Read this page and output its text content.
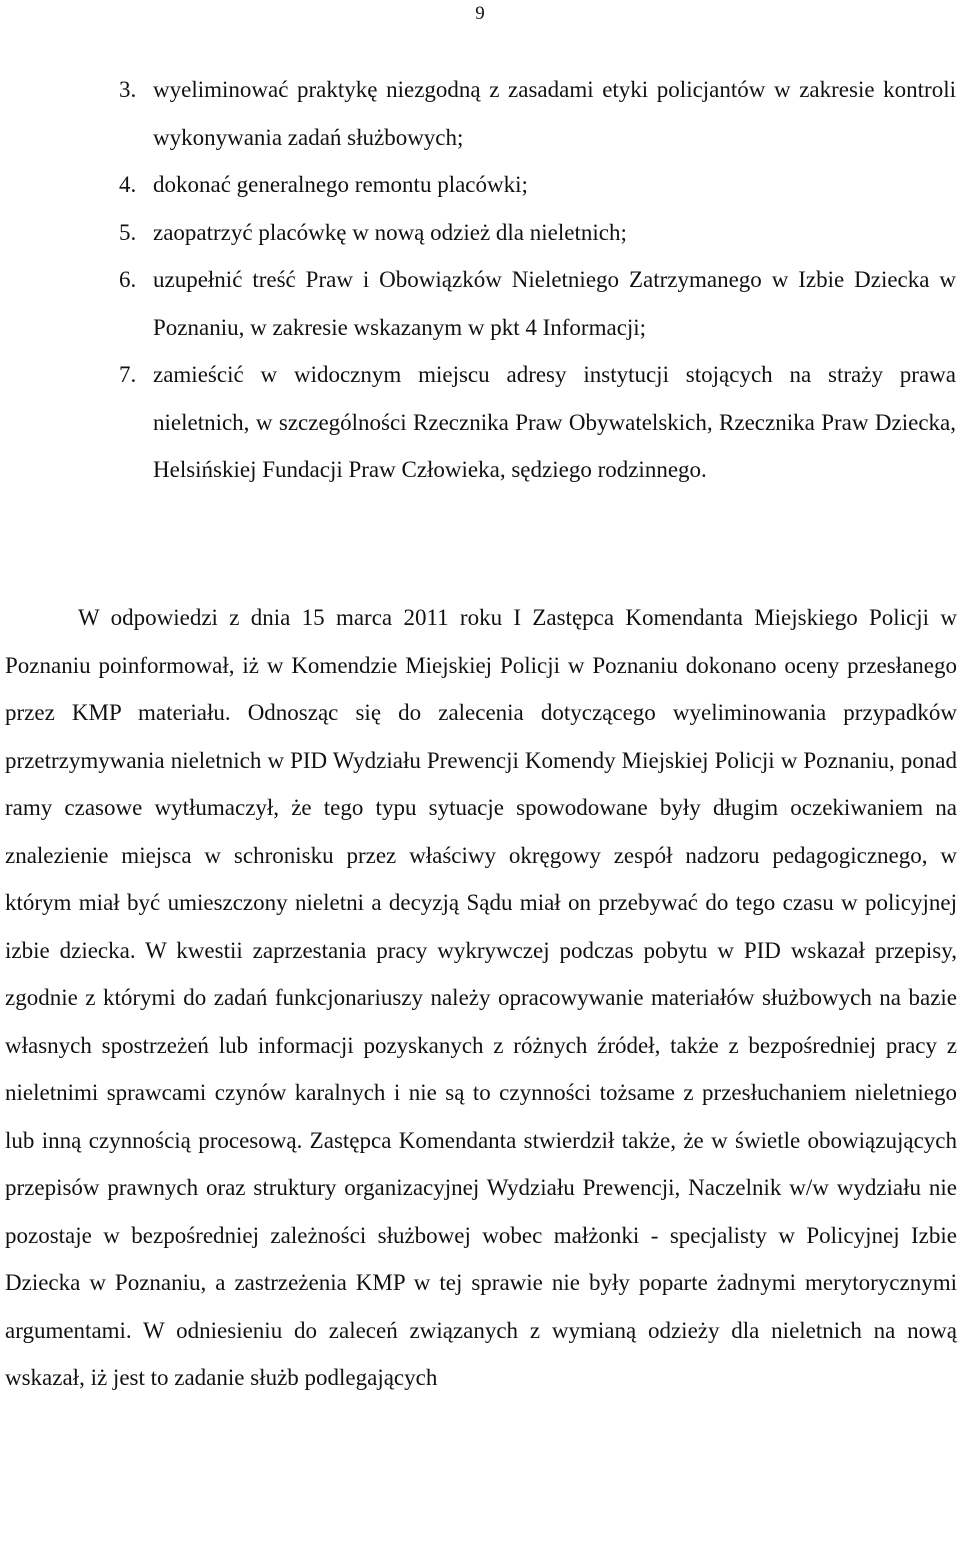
9
3. wyeliminować praktykę niezgodną z zasadami etyki policjantów w zakresie kontroli wykonywania zadań służbowych;
4. dokonać generalnego remontu placówki;
5. zaopatrzyć placówkę w nową odzież dla nieletnich;
6. uzupełnić treść Praw i Obowiązków Nieletniego Zatrzymanego w Izbie Dziecka w Poznaniu, w zakresie wskazanym w pkt 4 Informacji;
7. zamieścić w widocznym miejscu adresy instytucji stojących na straży prawa nieletnich, w szczególności Rzecznika Praw Obywatelskich, Rzecznika Praw Dziecka, Helsińskiej Fundacji Praw Człowieka, sędziego rodzinnego.

W odpowiedzi z dnia 15 marca 2011 roku I Zastępca Komendanta Miejskiego Policji w Poznaniu poinformował, iż w Komendzie Miejskiej Policji w Poznaniu dokonano oceny przesłanego przez KMP materiału. Odnosząc się do zalecenia dotyczącego wyeliminowania przypadków przetrzymywania nieletnich w PID Wydziału Prewencji Komendy Miejskiej Policji w Poznaniu, ponad ramy czasowe wytłumaczył, że tego typu sytuacje spowodowane były długim oczekiwaniem na znalezienie miejsca w schronisku przez właściwy okręgowy zespół nadzoru pedagogicznego, w którym miał być umieszczony nieletni a decyzją Sądu miał on przebywać do tego czasu w policyjnej izbie dziecka. W kwestii zaprzestania pracy wykrywczej podczas pobytu w PID wskazał przepisy, zgodnie z którymi do zadań funkcjonariuszy należy opracowywanie materiałów służbowych na bazie własnych spostrzeżeń lub informacji pozyskanych z różnych źródeł, także z bezpośredniej pracy z nieletnimi sprawcami czynów karalnych i nie są to czynności tożsame z przesłuchaniem nieletniego lub inną czynnością procesową. Zastępca Komendanta stwierdził także, że w świetle obowiązujących przepisów prawnych oraz struktury organizacyjnej Wydziału Prewencji, Naczelnik w/w wydziału nie pozostaje w bezpośredniej zależności służbowej wobec małżonki - specjalisty w Policyjnej Izbie Dziecka w Poznaniu, a zastrzeżenia KMP w tej sprawie nie były poparte żadnymi merytorycznymi argumentami. W odniesieniu do zaleceń związanych z wymianą odzieży dla nieletnich na nową wskazał, iż jest to zadanie służb podlegających
